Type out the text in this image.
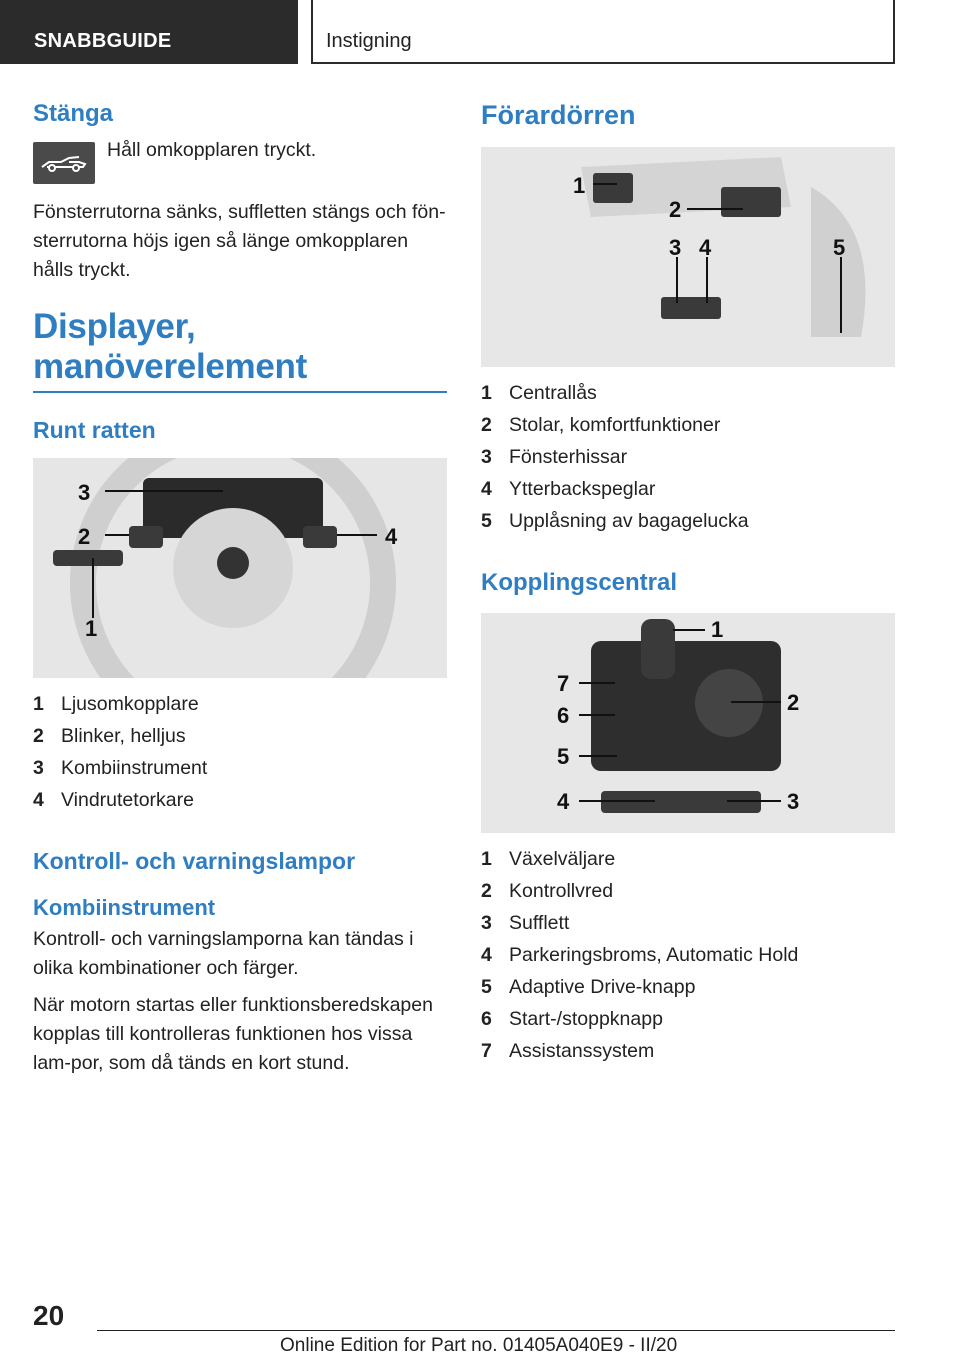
SNABBGUIDE	Instigning
Stänga
Håll omkopplaren tryckt.

Fönsterrutorna sänks, suffletten stängs och fön-sterrutorna höjs igen så länge omkopplaren hålls tryckt.

Displayer, manöverelement
Runt ratten
3
2	4
1
1 Ljusomkopplare
2 Blinker, helljus
3 Kombiinstrument
4 Vindrutetorkare
Kontroll- och varningslampor
Kombiinstrument

Kontroll- och varningslamporna kan tändas i olika kombinationer och färger.

När motorn startas eller funktionsberedskapen kopplas till kontrolleras funktionen hos vissa lam-por, som då tänds en kort stund.

Förardörren
1
2
3 4	5
1 Centrallås
2 Stolar, komfortfunktioner
3 Fönsterhissar
4 Ytterbackspeglar
5 Upplåsning av bagagelucka
Kopplingscentral
1
7
2
6
5
4	3
1 Växelväljare
2 Kontrollvred
3 Sufflett
4 Parkeringsbroms, Automatic Hold
5 Adaptive Drive-knapp
6 Start-/stoppknapp
7 Assistanssystem
20
Online Edition for Part no. 01405A040E9 - II/20
